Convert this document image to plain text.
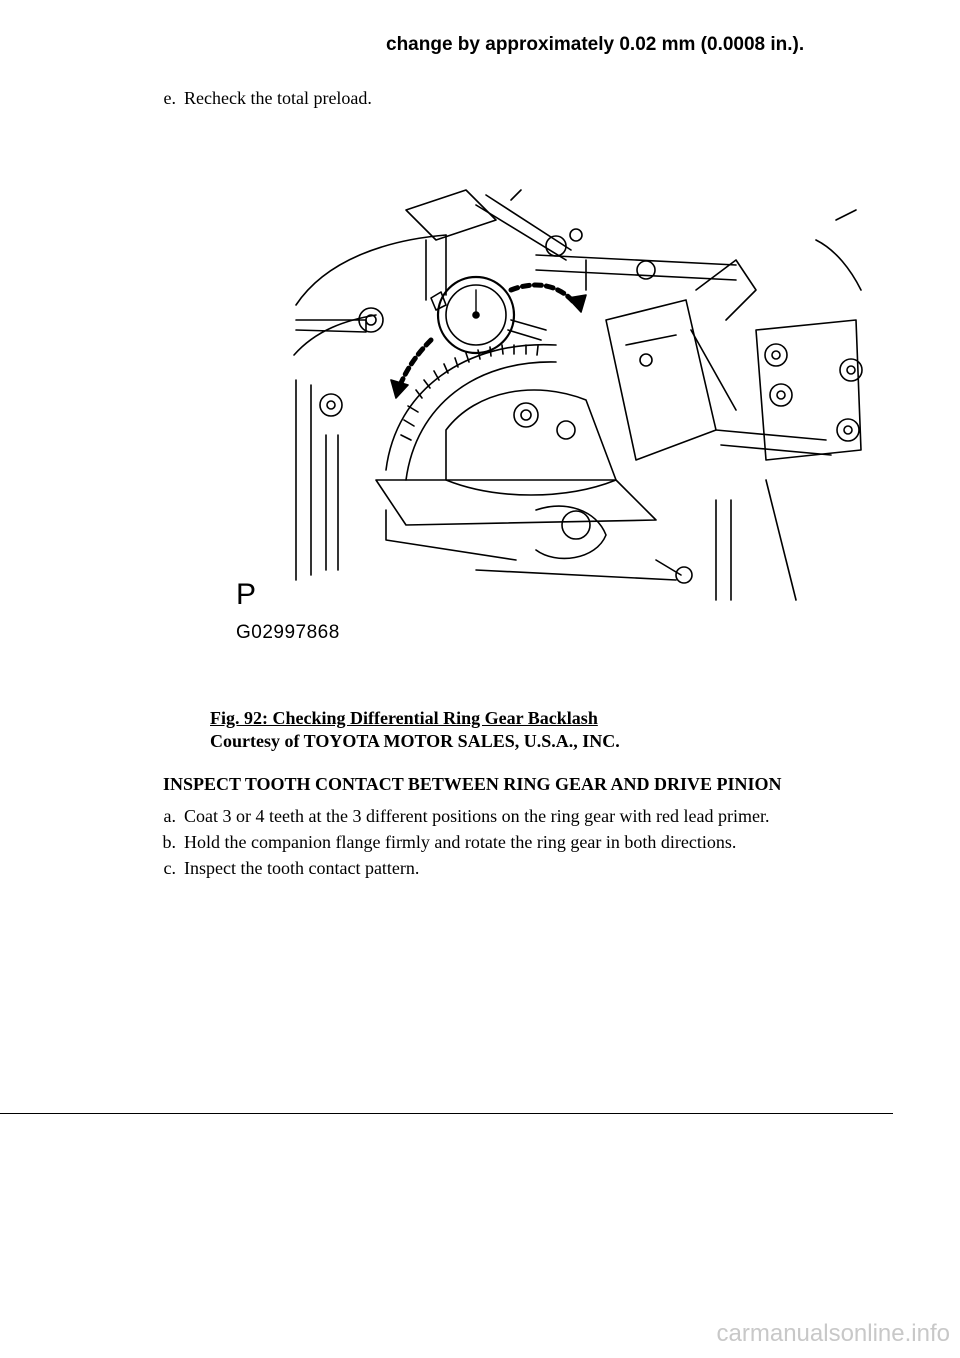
change by approximately 0.02 mm (0.0008 in.).
e. Recheck the total preload.
P
G02997868
Fig. 92: Checking Differential Ring Gear Backlash
Courtesy of TOYOTA MOTOR SALES, U.S.A., INC.
INSPECT TOOTH CONTACT BETWEEN RING GEAR AND DRIVE PINION
a. Coat 3 or 4 teeth at the 3 different positions on the ring gear with red lead primer.
b. Hold the companion flange firmly and rotate the ring gear in both directions.
c. Inspect the tooth contact pattern.
carmanualsonline.info
